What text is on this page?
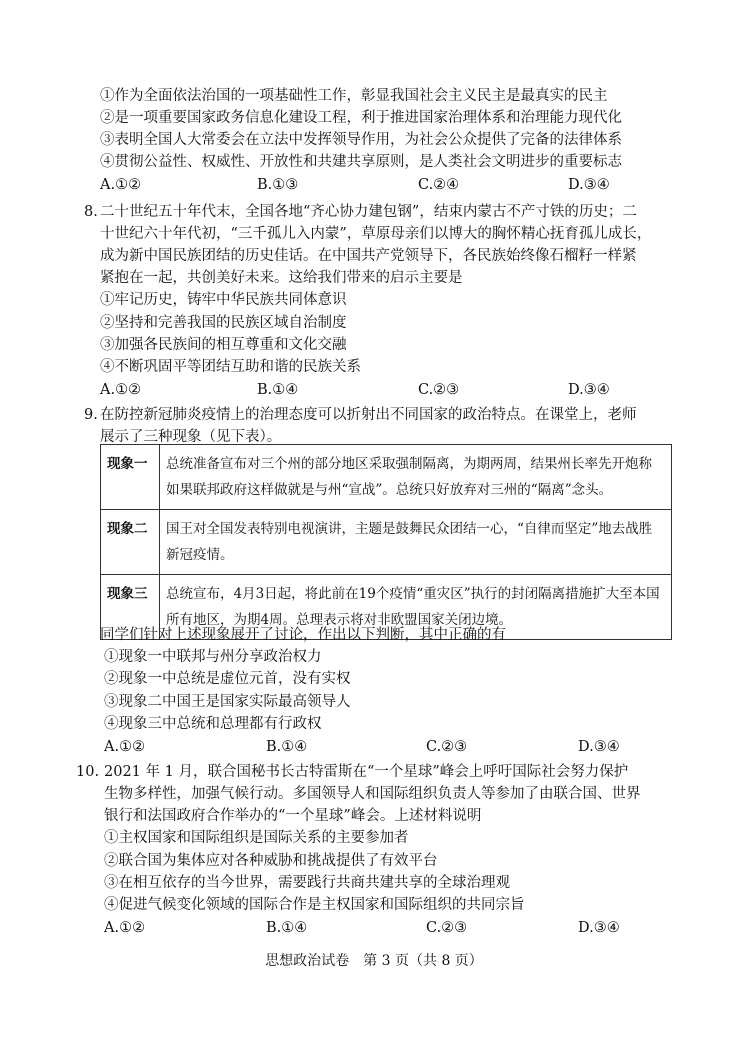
①作为全面依法治国的一项基础性工作，彰显我国社会主义民主是最真实的民主
②是一项重要国家政务信息化建设工程，利于推进国家治理体系和治理能力现代化
③表明全国人大常委会在立法中发挥领导作用，为社会公众提供了完备的法律体系
④贯彻公益性、权威性、开放性和共建共享原则，是人类社会文明进步的重要标志
A.①②	B.①③	C.②④	D.③④
8. 二十世纪五十年代末，全国各地“齐心协力建包钢”，结束内蒙古不产寸铁的历史；二
十世纪六十年代初，“三千孤儿入内蒙”，草原母亲们以博大的胸怀精心抚育孤儿成长，
成为新中国民族团结的历史佳话。在中国共产党领导下，各民族始终像石榴籽一样紧
紧抱在一起，共创美好未来。这给我们带来的启示主要是
①牢记历史，铸牢中华民族共同体意识
②坚持和完善我国的民族区域自治制度
③加强各民族间的相互尊重和文化交融
④不断巩固平等团结互助和谐的民族关系
A.①②	B.①④	C.②③	D.③④
9. 在防控新冠肺炎疫情上的治理态度可以折射出不同国家的政治特点。在课堂上，老师
展示了三种现象（见下表）。
现象一	总统准备宣布对三个州的部分地区采取强制隔离，为期两周，结果州长率先开炮称如果联邦政府这样做就是与州“宣战”。总统只好放弃对三州的“隔离”念头。
现象二	国王对全国发表特别电视演讲，主题是鼓舞民众团结一心，“自律而坚定”地去战胜新冠疫情。
现象三	总统宣布，4月3日起，将此前在19个疫情“重灾区”执行的封闭隔离措施扩大至本国所有地区，为期4周。总理表示将对非欧盟国家关闭边境。
同学们针对上述现象展开了讨论，作出以下判断，其中正确的有
①现象一中联邦与州分享政治权力
②现象一中总统是虚位元首，没有实权
③现象二中国王是国家实际最高领导人
④现象三中总统和总理都有行政权
A.①②	B.①④	C.②③	D.③④
10. 2021 年 1 月，联合国秘书长古特雷斯在“一个星球”峰会上呼吁国际社会努力保护
生物多样性，加强气候行动。多国领导人和国际组织负责人等参加了由联合国、世界
银行和法国政府合作举办的“一个星球”峰会。上述材料说明
①主权国家和国际组织是国际关系的主要参加者
②联合国为集体应对各种威胁和挑战提供了有效平台
③在相互依存的当今世界，需要践行共商共建共享的全球治理观
④促进气候变化领域的国际合作是主权国家和国际组织的共同宗旨
A.①②	B.①④	C.②③	D.③④
思想政治试卷　第 3 页（共 8 页）
